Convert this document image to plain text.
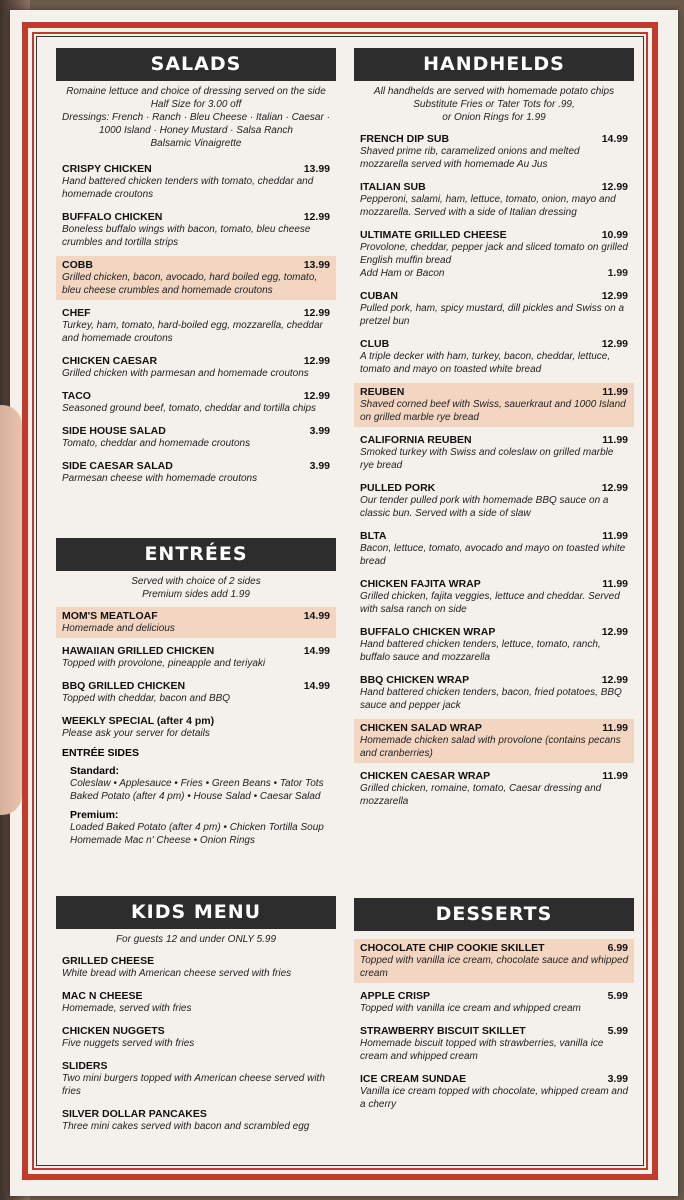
SALADS
Romaine lettuce and choice of dressing served on the side
Half Size for 3.00 off
Dressings: French · Ranch · Bleu Cheese · Italian · Caesar ·
1000 Island · Honey Mustard · Salsa Ranch
Balsamic Vinaigrette
CRISPY CHICKEN	13.99
Hand battered chicken tenders with tomato, cheddar and homemade croutons
BUFFALO CHICKEN	12.99
Boneless buffalo wings with bacon, tomato, bleu cheese crumbles and tortilla strips
COBB	13.99
Grilled chicken, bacon, avocado, hard boiled egg, tomato, bleu cheese crumbles and homemade croutons
CHEF	12.99
Turkey, ham, tomato, hard-boiled egg, mozzarella, cheddar and homemade croutons
CHICKEN CAESAR	12.99
Grilled chicken with parmesan and homemade croutons
TACO	12.99
Seasoned ground beef, tomato, cheddar and tortilla chips
SIDE HOUSE SALAD	3.99
Tomato, cheddar and homemade croutons
SIDE CAESAR SALAD	3.99
Parmesan cheese with homemade croutons
ENTRÉES
Served with choice of 2 sides
Premium sides add 1.99
MOM'S MEATLOAF	14.99
Homemade and delicious
HAWAIIAN GRILLED CHICKEN	14.99
Topped with provolone, pineapple and teriyaki
BBQ GRILLED CHICKEN	14.99
Topped with cheddar, bacon and BBQ
WEEKLY SPECIAL (after 4 pm)
Please ask your server for details
ENTRÉE SIDES
Standard:
Coleslaw • Applesauce • Fries • Green Beans • Tator Tots
Baked Potato (after 4 pm) • House Salad • Caesar Salad
Premium:
Loaded Baked Potato (after 4 pm) • Chicken Tortilla Soup
Homemade Mac n' Cheese • Onion Rings
KIDS MENU
For guests 12 and under ONLY 5.99
GRILLED CHEESE
White bread with American cheese served with fries
MAC N CHEESE
Homemade, served with fries
CHICKEN NUGGETS
Five nuggets served with fries
SLIDERS
Two mini burgers topped with American cheese served with fries
SILVER DOLLAR PANCAKES
Three mini cakes served with bacon and scrambled egg
HANDHELDS
All handhelds are served with homemade potato chips
Substitute Fries or Tater Tots for .99,
or Onion Rings for 1.99
FRENCH DIP SUB	14.99
Shaved prime rib, caramelized onions and melted mozzarella served with homemade Au Jus
ITALIAN SUB	12.99
Pepperoni, salami, ham, lettuce, tomato, onion, mayo and mozzarella. Served with a side of Italian dressing
ULTIMATE GRILLED CHEESE	10.99
Provolone, cheddar, pepper jack and sliced tomato on grilled English muffin bread
Add Ham or Bacon	1.99
CUBAN	12.99
Pulled pork, ham, spicy mustard, dill pickles and Swiss on a pretzel bun
CLUB	12.99
A triple decker with ham, turkey, bacon, cheddar, lettuce, tomato and mayo on toasted white bread
REUBEN	11.99
Shaved corned beef with Swiss, sauerkraut and 1000 Island on grilled marble rye bread
CALIFORNIA REUBEN	11.99
Smoked turkey with Swiss and coleslaw on grilled marble rye bread
PULLED PORK	12.99
Our tender pulled pork with homemade BBQ sauce on a classic bun. Served with a side of slaw
BLTA	11.99
Bacon, lettuce, tomato, avocado and mayo on toasted white bread
CHICKEN FAJITA WRAP	11.99
Grilled chicken, fajita veggies, lettuce and cheddar. Served with salsa ranch on side
BUFFALO CHICKEN WRAP	12.99
Hand battered chicken tenders, lettuce, tomato, ranch, buffalo sauce and mozzarella
BBQ CHICKEN WRAP	12.99
Hand battered chicken tenders, bacon, fried potatoes, BBQ sauce and pepper jack
CHICKEN SALAD WRAP	11.99
Homemade chicken salad with provolone (contains pecans and cranberries)
CHICKEN CAESAR WRAP	11.99
Grilled chicken, romaine, tomato, Caesar dressing and mozzarella
DESSERTS
CHOCOLATE CHIP COOKIE SKILLET	6.99
Topped with vanilla ice cream, chocolate sauce and whipped cream
APPLE CRISP	5.99
Topped with vanilla ice cream and whipped cream
STRAWBERRY BISCUIT SKILLET	5.99
Homemade biscuit topped with strawberries, vanilla ice cream and whipped cream
ICE CREAM SUNDAE	3.99
Vanilla ice cream topped with chocolate, whipped cream and a cherry
